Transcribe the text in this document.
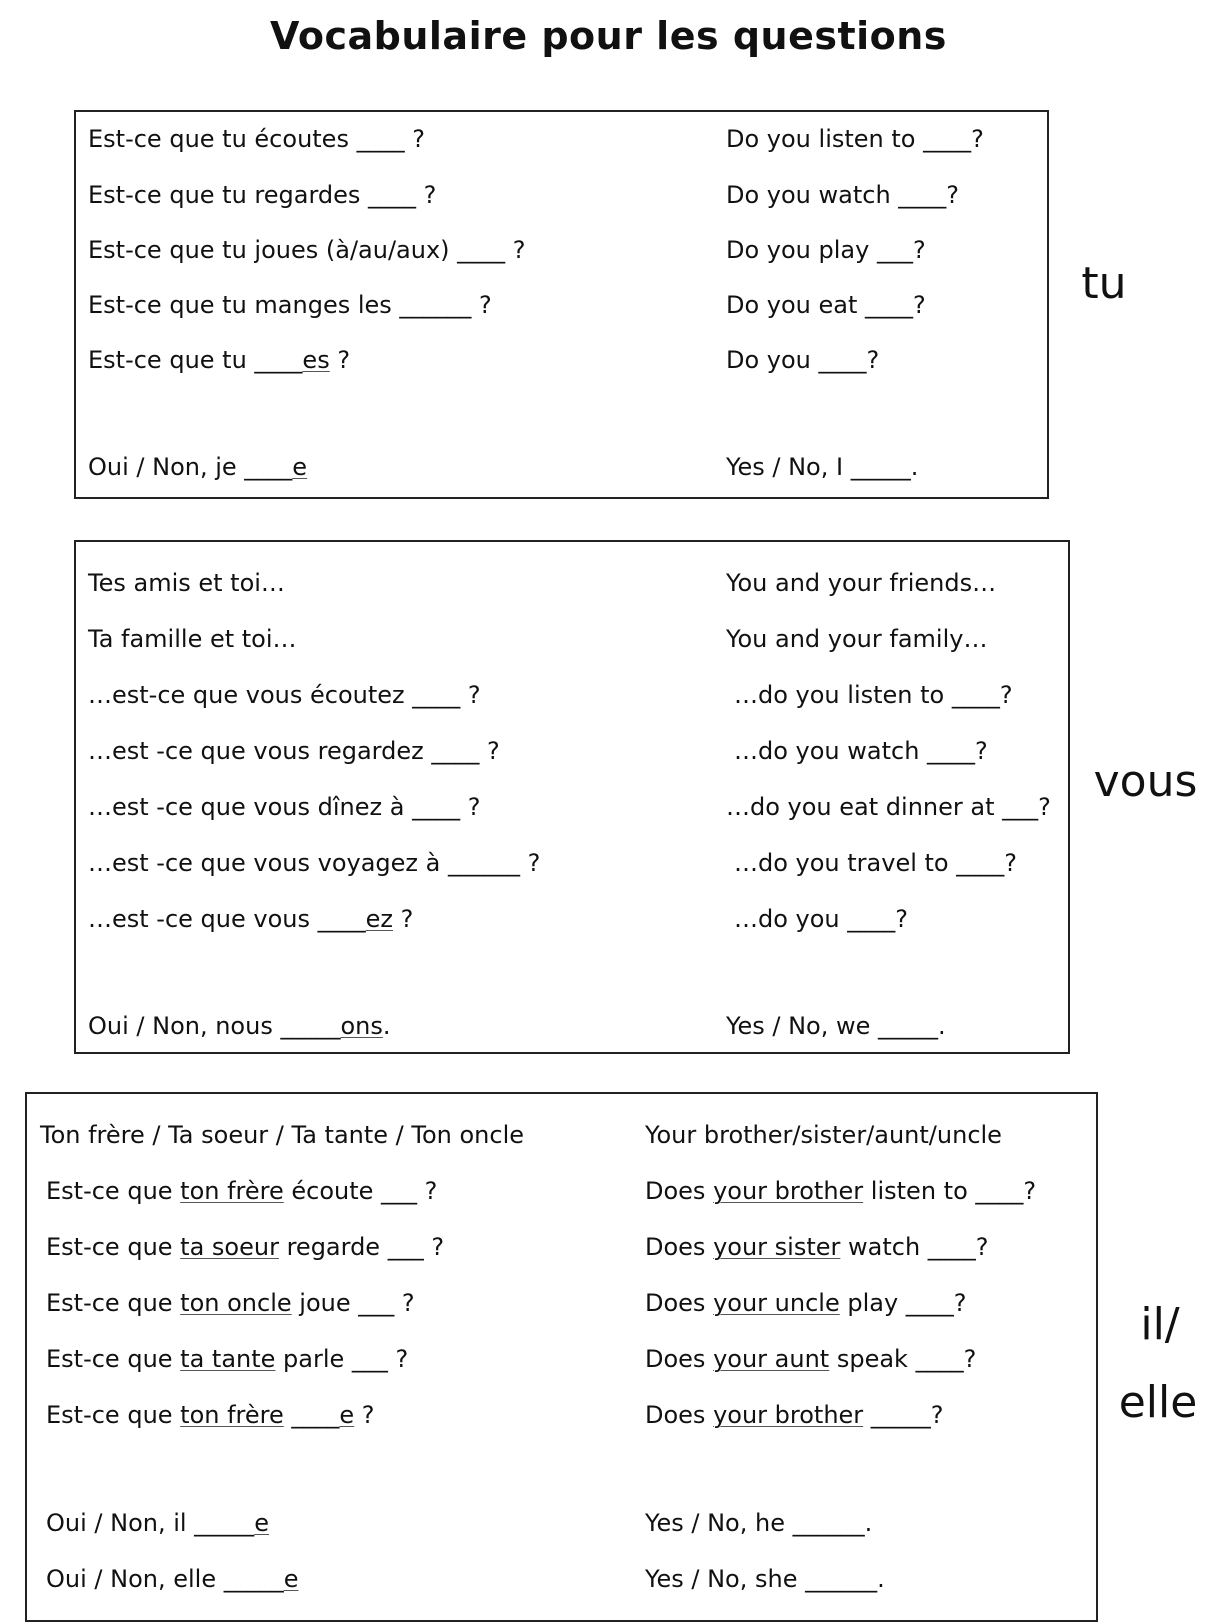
Vocabulaire pour les questions
Est-ce que tu écoutes ____ ?
Est-ce que tu regardes ____ ?
Est-ce que tu joues (à/au/aux) ____ ?
Est-ce que tu manges les ______ ?
Est-ce que tu ____es ?
Oui / Non, je ____e
Do you listen to ____?
Do you watch ____?
Do you play ___?
Do you eat ____?
Do you ____?
Yes / No, I _____.
tu
Tes amis et toi…
Ta famille et toi…
…est-ce que vous écoutez ____ ?
…est -ce que vous regardez ____ ?
…est -ce que vous dînez à ____ ?
…est -ce que vous voyagez à ______ ?
…est -ce que vous ____ez ?
Oui / Non, nous _____ons.
You and your friends…
You and your family…
…do you listen to ____?
…do you watch ____?
…do you eat dinner at ___?
…do you travel to ____?
…do you ____?
Yes / No, we _____.
vous
Ton frère / Ta soeur / Ta tante / Ton oncle
Est-ce que ton frère écoute ___ ?
Est-ce que ta soeur regarde ___ ?
Est-ce que ton oncle joue ___ ?
Est-ce que ta tante parle ___ ?
Est-ce que ton frère ____e ?
Oui / Non, il _____e
Oui / Non, elle _____e
Your brother/sister/aunt/uncle
Does your brother listen to ____?
Does your sister watch ____?
Does your uncle play ____?
Does your aunt speak ____?
Does your brother _____?
Yes / No, he ______.
Yes / No, she ______.
il/
elle
